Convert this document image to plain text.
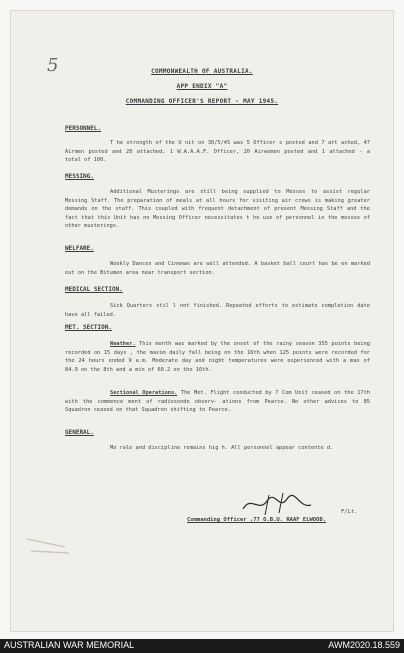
5	COMMONWEALTH OF AUSTRALIA.
APP ENDIX "A"
COMMANDING OFFICER'S REPORT - MAY 1945.
PERSONNEL.
T he strength of the U nit on 30/5/45 was 5 Officer s posted and 7 att ached, 47 Airmen posted and 20 attached, 1 W.A.A.A.F. Officer, 20 Airwomen posted and 1 attached - a total of 100.
MESSING.
Additional Musterings are still being supplied to Messes to assist regular Messing Staff. The preparation of meals at all hours for visiting air crews is making greater demands on the staff. This coupled with frequent detachment of present Messing Staff and the fact that this Unit has no Messing Officer necessitates t he use of personnel in the messes of other musterings.
WELFARE.
Weekly Dances and Cinemas are well attended. A basket ball court has be en marked out on the Bitumen area near transport section.
MEDICAL SECTION.
Sick Quarters stil l not finished. Repeated efforts to estimate completion date have all failed.
MET. SECTION.
Weather. This month was marked by the onset of the rainy season 355 points being recorded on 15 days , the maxim daily fall being on the 16th when 125 points were recorded for the 24 hours ended 9 a.m. Moderate day and night temperatures were experienced with a max of 84.9 on the 8th and a min of 60.2 on the 16th.
Sectional Operations. The Met. Flight conducted by 7 Com Unit ceased on the 17th with the commence ment of radiosonde observ- ations from Pearce. No other advices to 85 Squadron ceased on that Squadron shifting to Pearce.
GENERAL.
Mo rale and discipline remains hig h. All personnel appear contente d.
F/Lt.
Commanding Officer ,77 O.B.U. RAAF ELWOOD.
AUSTRALIAN WAR MEMORIAL	AWM2020.18.559
